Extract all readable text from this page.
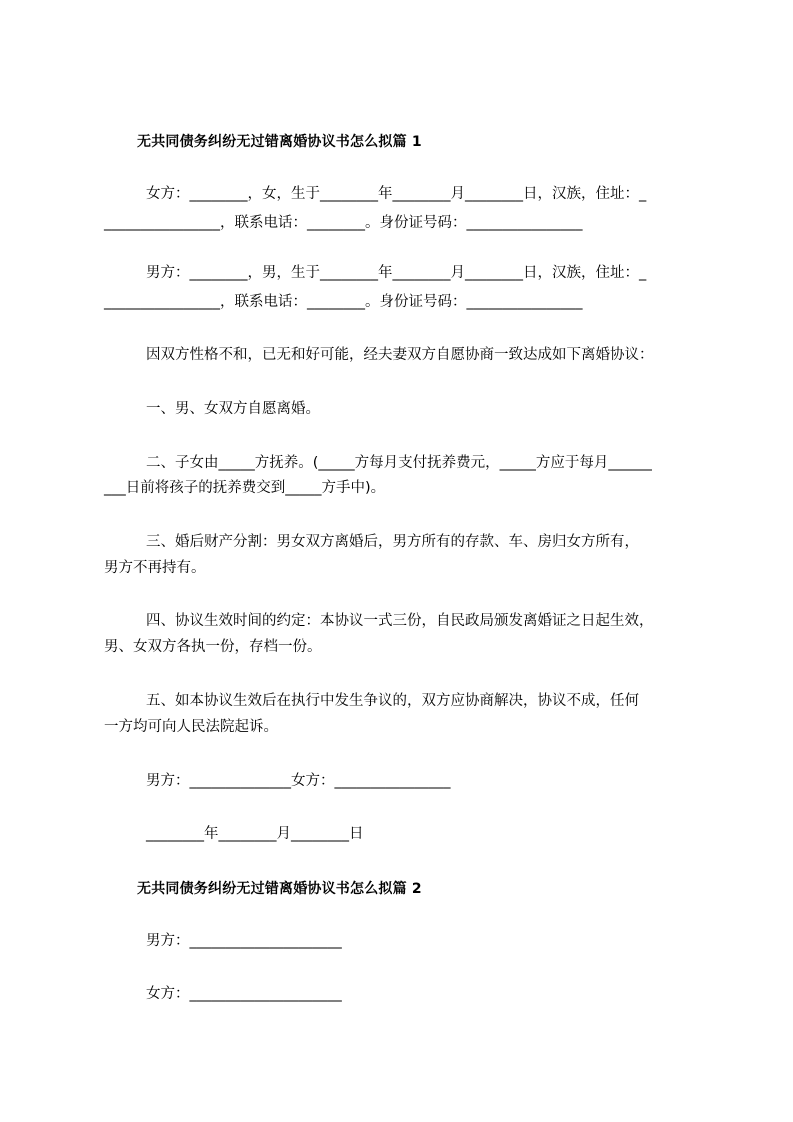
无共同债务纠纷无过错离婚协议书怎么拟篇 1
女方：________，女，生于________年________月________日，汉族，住址：_
________________，联系电话：________。身份证号码：________________
男方：________，男，生于________年________月________日，汉族，住址：_
________________，联系电话：________。身份证号码：________________
因双方性格不和，已无和好可能，经夫妻双方自愿协商一致达成如下离婚协议：
一、男、女双方自愿离婚。
二、子女由_____方抚养。(_____方每月支付抚养费元，_____方应于每月______
___日前将孩子的抚养费交到_____方手中)。
三、婚后财产分割：男女双方离婚后，男方所有的存款、车、房归女方所有，
男方不再持有。
四、协议生效时间的约定：本协议一式三份，自民政局颁发离婚证之日起生效，
男、女双方各执一份，存档一份。
五、如本协议生效后在执行中发生争议的，双方应协商解决，协议不成，任何
一方均可向人民法院起诉。
男方：______________女方：________________
________年________月________日
无共同债务纠纷无过错离婚协议书怎么拟篇 2
男方：_____________________
女方：_____________________
